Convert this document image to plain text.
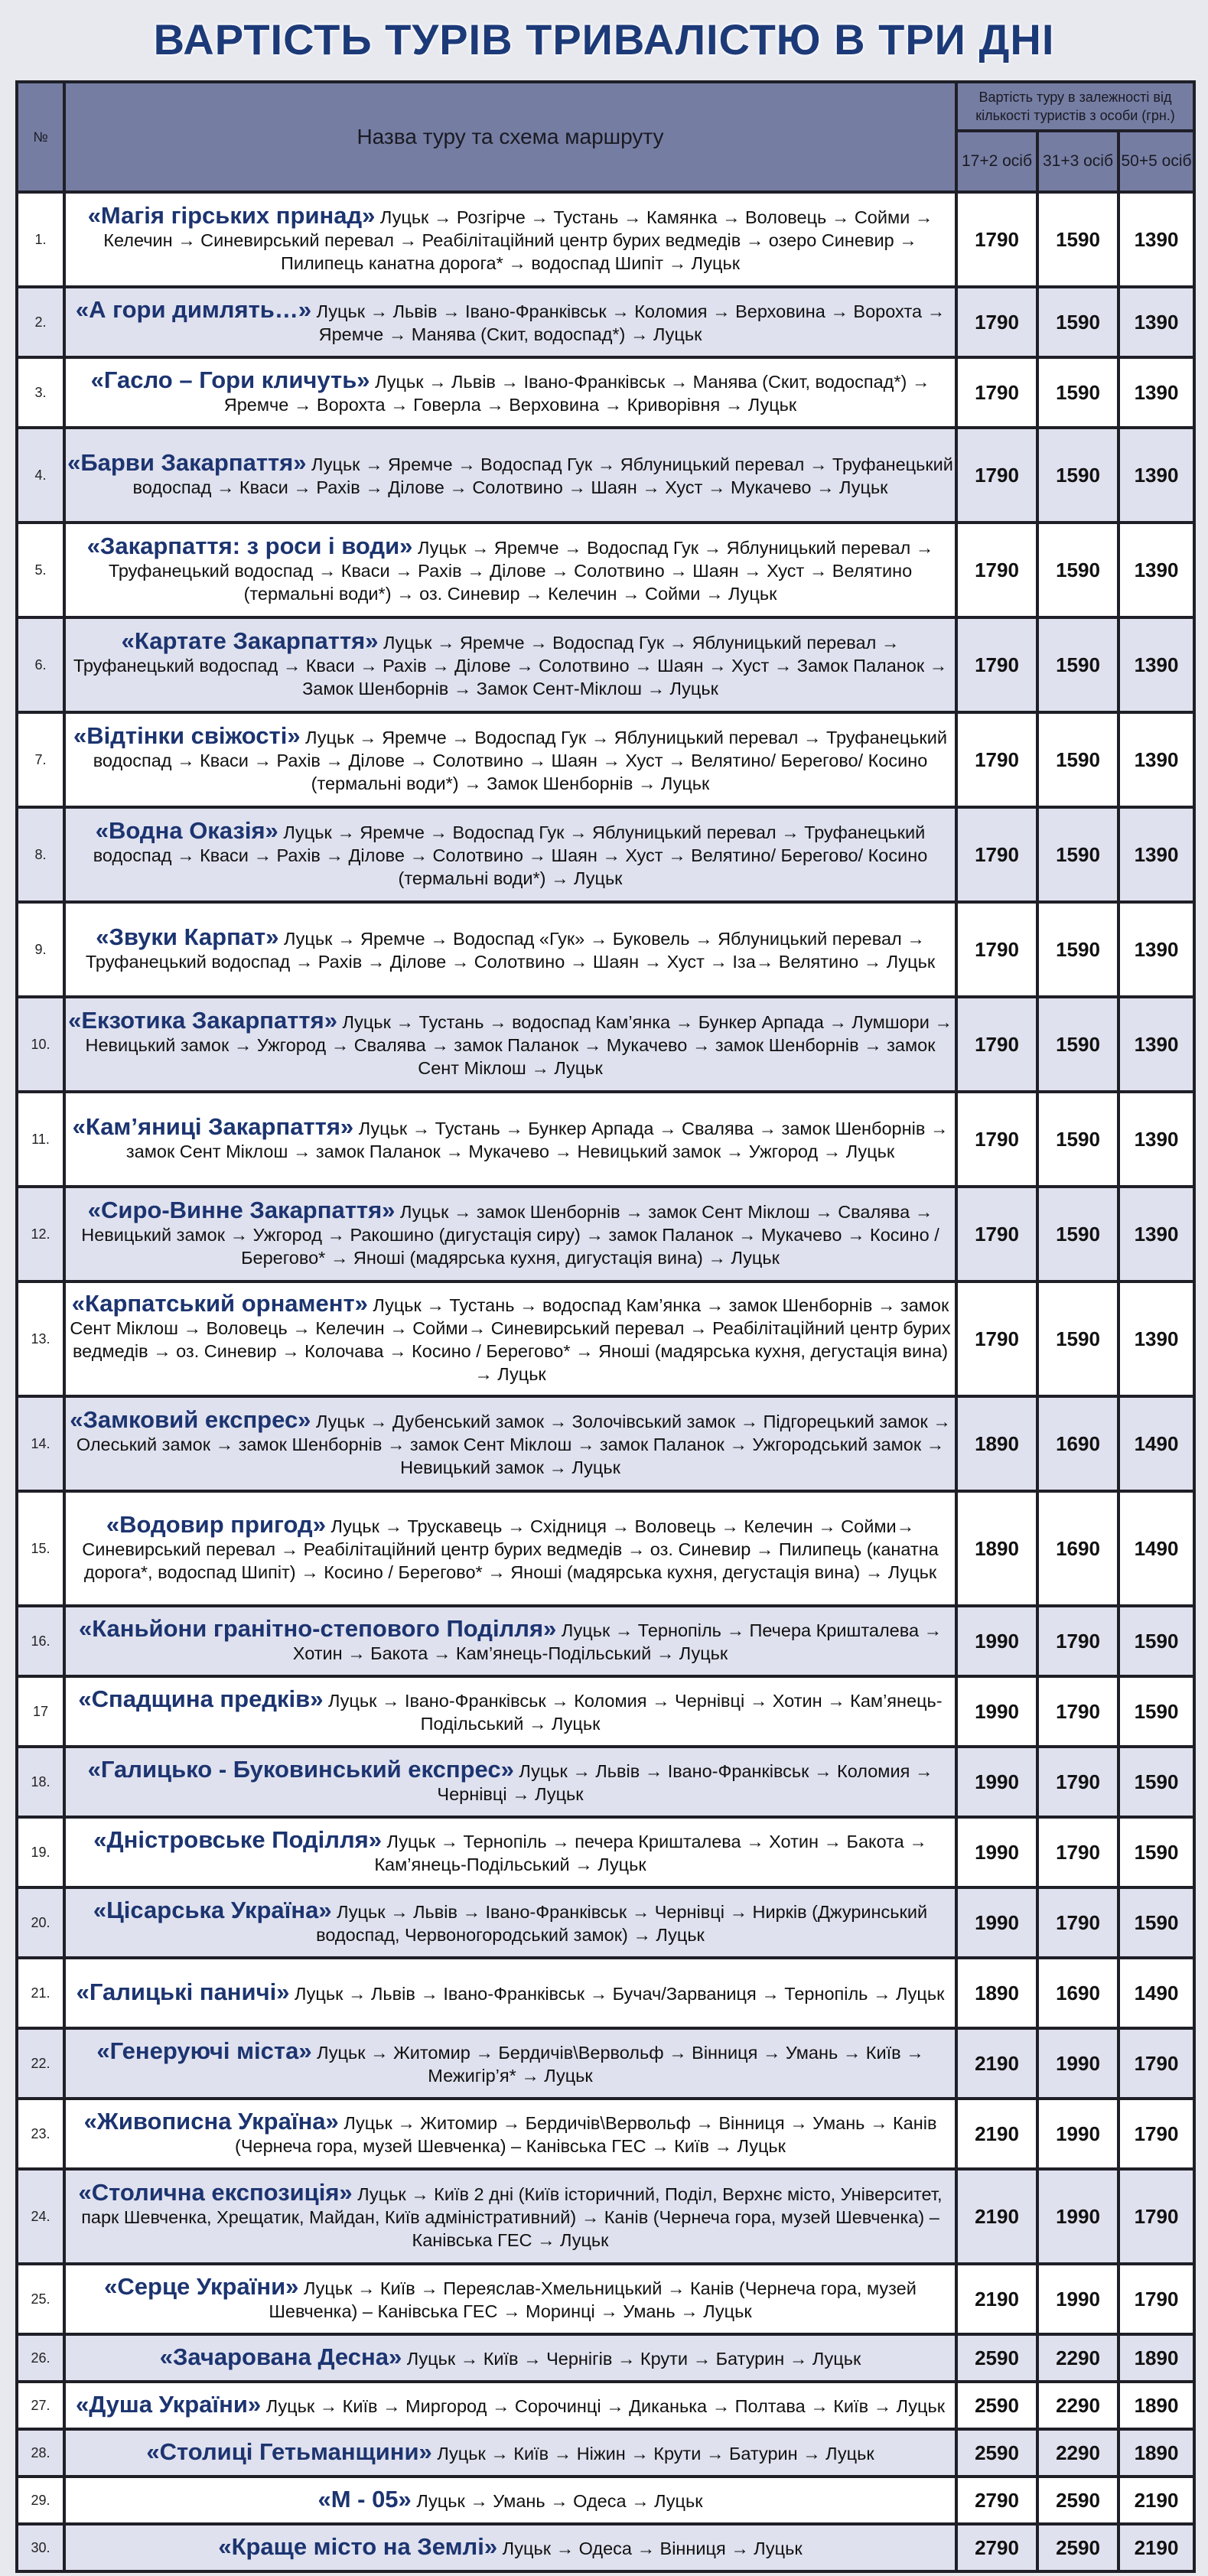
ВАРТІСТЬ ТУРІВ ТРИВАЛІСТЮ В ТРИ ДНІ
№	Назва туру та схема маршруту	Вартість туру в залежності від кількості туристів з особи (грн.)		
		17+2 осіб	31+3 осіб	50+5 осіб
1.	«Магія гірських принад» Луцьк → Розгірче → Тустань → Камянка → Воловець → Сойми → Келечин → Синевирський перевал → Реабілітаційний центр бурих ведмедів → озеро Синевир → Пилипець канатна дорога* → водоспад Шипіт → Луцьк	1790	1590	1390
2.	«А гори димлять…» Луцьк → Львів → Івано-Франківськ → Коломия → Верховина → Ворохта → Яремче → Манява (Скит, водоспад*) → Луцьк	1790	1590	1390
3.	«Гасло – Гори кличуть» Луцьк → Львів → Івано-Франківськ → Манява (Скит, водоспад*) → Яремче → Ворохта → Говерла → Верховина → Криворівня → Луцьк	1790	1590	1390
4.	«Барви Закарпаття» Луцьк → Яремче → Водоспад Гук → Яблуницький перевал → Труфанецький водоспад → Кваси → Рахів → Ділове → Солотвино → Шаян → Хуст → Мукачево → Луцьк	1790	1590	1390
5.	«Закарпаття: з роси і води» Луцьк → Яремче → Водоспад Гук → Яблуницький перевал → Труфанецький водоспад → Кваси → Рахів → Ділове → Солотвино → Шаян → Хуст → Велятино (термальні води*) → оз. Синевир → Келечин → Сойми → Луцьк	1790	1590	1390
6.	«Картате Закарпаття» Луцьк → Яремче → Водоспад Гук → Яблуницький перевал → Труфанецький водоспад → Кваси → Рахів → Ділове → Солотвино → Шаян → Хуст → Замок Паланок → Замок Шенборнів → Замок Сент-Міклош → Луцьк	1790	1590	1390
7.	«Відтінки свіжості» Луцьк → Яремче → Водоспад Гук → Яблуницький перевал → Труфанецький водоспад → Кваси → Рахів → Ділове → Солотвино → Шаян → Хуст → Велятино/ Берегово/ Косино (термальні води*) → Замок Шенборнів → Луцьк	1790	1590	1390
8.	«Водна Оказія» Луцьк → Яремче → Водоспад Гук → Яблуницький перевал → Труфанецький водоспад → Кваси → Рахів → Ділове → Солотвино → Шаян → Хуст → Велятино/ Берегово/ Косино (термальні води*) → Луцьк	1790	1590	1390
9.	«Звуки Карпат» Луцьк → Яремче → Водоспад «Гук» → Буковель → Яблуницький перевал → Труфанецький водоспад → Рахів → Ділове → Солотвино → Шаян → Хуст → Іза→ Велятино → Луцьк	1790	1590	1390
10.	«Екзотика Закарпаття» Луцьк → Тустань → водоспад Кам’янка → Бункер Арпада → Лумшори → Невицький замок → Ужгород → Свалява → замок Паланок → Мукачево → замок Шенборнів → замок Сент Міклош → Луцьк	1790	1590	1390
11.	«Кам’яниці Закарпаття» Луцьк → Тустань → Бункер Арпада → Свалява → замок Шенборнів → замок Сент Міклош → замок Паланок → Мукачево → Невицький замок → Ужгород → Луцьк	1790	1590	1390
12.	«Сиро-Винне Закарпаття» Луцьк → замок Шенборнів → замок Сент Міклош → Свалява → Невицький замок → Ужгород → Ракошино (дигустація сиру) → замок Паланок → Мукачево → Косино / Берегово* → Яноші (мадярська кухня, дигустація вина) → Луцьк	1790	1590	1390
13.	«Карпатський орнамент» Луцьк → Тустань → водоспад Кам’янка → замок Шенборнів → замок Сент Міклош → Воловець → Келечин → Сойми→ Синевирський перевал → Реабілітаційний центр бурих ведмедів → оз. Синевир → Колочава → Косино / Берегово* → Яноші (мадярська кухня, дегустація вина) → Луцьк	1790	1590	1390
14.	«Замковий експрес» Луцьк → Дубенський замок → Золочівський замок → Підгорецький замок → Олеський замок → замок Шенборнів → замок Сент Міклош → замок Паланок → Ужгородський замок → Невицький замок → Луцьк	1890	1690	1490
15.	«Водовир пригод» Луцьк → Трускавець → Східниця → Воловець → Келечин → Сойми→ Синевирський перевал → Реабілітаційний центр бурих ведмедів → оз. Синевир → Пилипець (канатна дорога*, водоспад Шипіт) → Косино / Берегово* → Яноші (мадярська кухня, дегустація вина) → Луцьк	1890	1690	1490
16.	«Каньйони гранітно-степового Поділля» Луцьк → Тернопіль → Печера Кришталева → Хотин → Бакота → Кам’янець-Подільський → Луцьк	1990	1790	1590
17	«Спадщина предків» Луцьк → Івано-Франківськ → Коломия → Чернівці → Хотин → Кам’янець-Подільський → Луцьк	1990	1790	1590
18.	«Галицько - Буковинський експрес» Луцьк → Львів → Івано-Франківськ → Коломия → Чернівці → Луцьк	1990	1790	1590
19.	«Дністровське Поділля» Луцьк → Тернопіль → печера Кришталева → Хотин → Бакота → Кам’янець-Подільський → Луцьк	1990	1790	1590
20.	«Цісарська Україна» Луцьк → Львів → Івано-Франківськ → Чернівці → Нирків (Джуринський водоспад, Червоногородський замок) → Луцьк	1990	1790	1590
21.	«Галицькі паничі» Луцьк → Львів → Івано-Франківськ → Бучач/Зарваниця → Тернопіль → Луцьк	1890	1690	1490
22.	«Генеруючі міста» Луцьк → Житомир → Бердичів\Вервольф → Вінниця → Умань → Київ → Межигір’я* → Луцьк	2190	1990	1790
23.	«Живописна Україна» Луцьк → Житомир → Бердичів\Вервольф → Вінниця → Умань → Канів (Чернеча гора, музей Шевченка) – Канівська ГЕС → Київ → Луцьк	2190	1990	1790
24.	«Столична експозиція» Луцьк → Київ 2 дні (Київ історичний, Поділ, Верхнє місто, Університет, парк Шевченка, Хрещатик, Майдан, Київ адміністративний) → Канів (Чернеча гора, музей Шевченка) – Канівська ГЕС → Луцьк	2190	1990	1790
25.	«Серце України» Луцьк → Київ → Переяслав-Хмельницький → Канів (Чернеча гора, музей Шевченка) – Канівська ГЕС → Моринці → Умань → Луцьк	2190	1990	1790
26.	«Зачарована Десна» Луцьк → Київ → Чернігів → Крути → Батурин → Луцьк	2590	2290	1890
27.	«Душа України» Луцьк → Київ → Миргород → Сорочинці → Диканька → Полтава → Київ → Луцьк	2590	2290	1890
28.	«Столиці Гетьманщини» Луцьк → Київ → Ніжин → Крути → Батурин → Луцьк	2590	2290	1890
29.	«М - 05» Луцьк → Умань → Одеса → Луцьк	2790	2590	2190
30.	«Краще місто на Землі» Луцьк → Одеса → Вінниця → Луцьк	2790	2590	2190
